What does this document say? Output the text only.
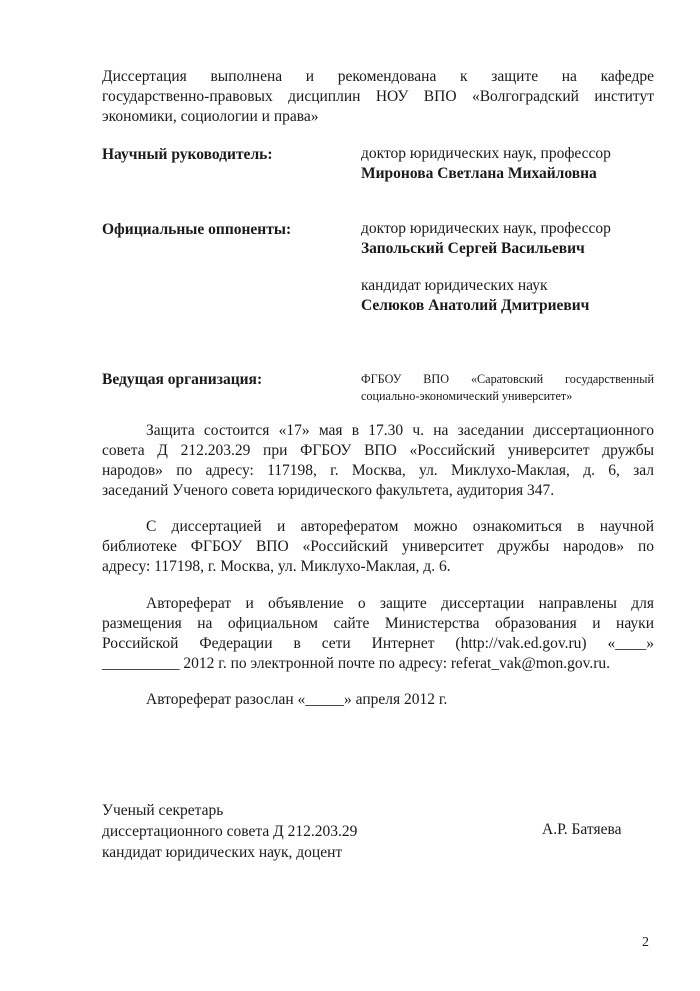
Диссертация выполнена и рекомендована к защите на кафедре
государственно-правовых дисциплин НОУ ВПО «Волгоградский институт
экономики, социологии и права»
Научный руководитель:	доктор юридических наук, профессор
Миронова Светлана Михайловна
Официальные оппоненты:	доктор юридических наук, профессор
Запольский Сергей Васильевич
кандидат юридических наук
Селюков Анатолий Дмитриевич
Ведущая организация:	ФГБОУ ВПО «Саратовский государственный
социально-экономический университет»
Защита состоится «17» мая в 17.30 ч. на заседании диссертационного
совета Д 212.203.29 при ФГБОУ ВПО «Российский университет дружбы
народов» по адресу: 117198, г. Москва, ул. Миклухо-Маклая, д. 6, зал
заседаний Ученого совета юридического факультета, аудитория 347.
С диссертацией и авторефератом можно ознакомиться в научной
библиотеке ФГБОУ ВПО «Российский университет дружбы народов» по
адресу: 117198, г. Москва, ул. Миклухо-Маклая, д. 6.
Автореферат и объявление о защите диссертации направлены для
размещения на официальном сайте Министерства образования и науки
Российской Федерации в сети Интернет (http://vak.ed.gov.ru) «____»
__________ 2012 г. по электронной почте по адресу: referat_vak@mon.gov.ru.
Автореферат разослан «_____» апреля 2012 г.
Ученый секретарь
диссертационного совета Д 212.203.29
кандидат юридических наук, доцент
А.Р. Батяева
2
